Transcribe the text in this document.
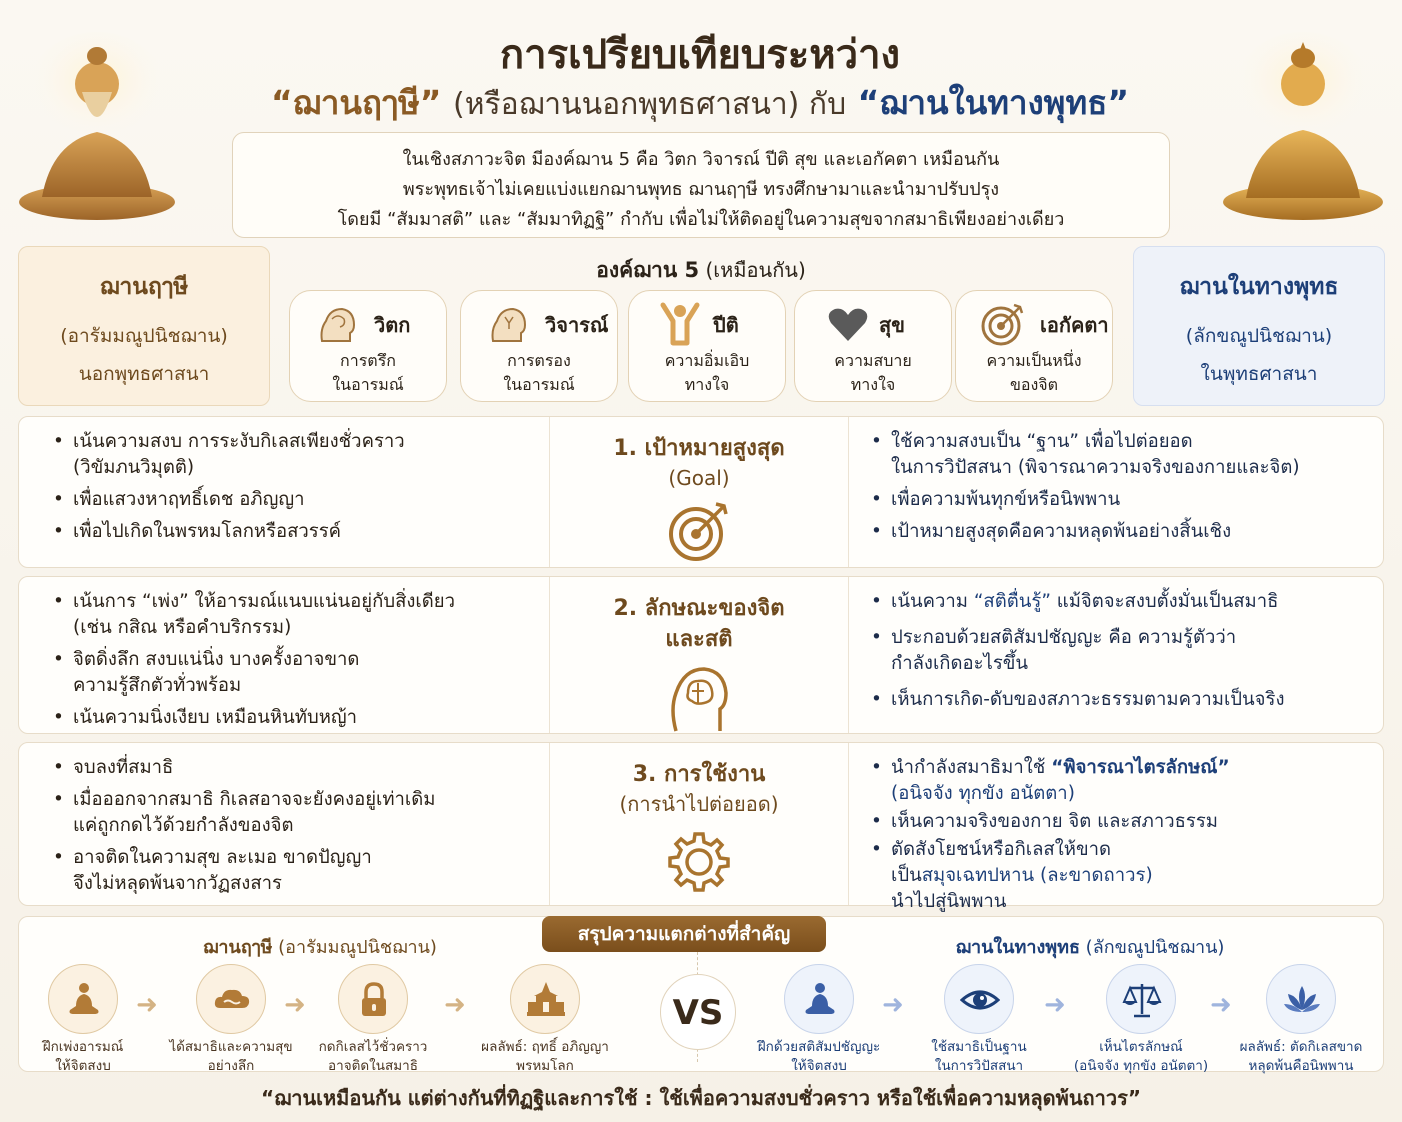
การเปรียบเทียบระหว่าง
“ฌานฤๅษี” (หรือฌานนอกพุทธศาสนา) กับ “ฌานในทางพุทธ”
ในเชิงสภาวะจิต มีองค์ฌาน 5 คือ วิตก วิจารณ์ ปีติ สุข และเอกัคตา เหมือนกัน
พระพุทธเจ้าไม่เคยแบ่งแยกฌานพุทธ ฌานฤๅษี ทรงศึกษามาและนำมาปรับปรุง
โดยมี “สัมมาสติ” และ “สัมมาทิฏฐิ” กำกับ เพื่อไม่ให้ติดอยู่ในความสุขจากสมาธิเพียงอย่างเดียว
ฌานฤๅษี
(อารัมมณูปนิชฌาน)
นอกพุทธศาสนา
ฌานในทางพุทธ
(ลักขณูปนิชฌาน)
ในพุทธศาสนา
องค์ฌาน 5 (เหมือนกัน)
วิตก
การตรึก
ในอารมณ์
วิจารณ์
การตรอง
ในอารมณ์
ปีติ
ความอิ่มเอิบ
ทางใจ
สุข
ความสบาย
ทางใจ
เอกัคตา
ความเป็นหนึ่ง
ของจิต
• เน้นความสงบ การระงับกิเลสเพียงชั่วคราว
(วิขัมภนวิมุตติ)
• เพื่อแสวงหาฤทธิ์เดช อภิญญา
• เพื่อไปเกิดในพรหมโลกหรือสวรรค์
1. เป้าหมายสูงสุด
(Goal)
• ใช้ความสงบเป็น “ฐาน” เพื่อไปต่อยอด
ในการวิปัสสนา (พิจารณาความจริงของกายและจิต)
• เพื่อความพ้นทุกข์หรือนิพพาน
• เป้าหมายสูงสุดคือความหลุดพ้นอย่างสิ้นเชิง
• เน้นการ “เพ่ง” ให้อารมณ์แนบแน่นอยู่กับสิ่งเดียว
(เช่น กสิณ หรือคำบริกรรม)
• จิตดิ่งลึก สงบแน่นิ่ง บางครั้งอาจขาด
ความรู้สึกตัวทั่วพร้อม
• เน้นความนิ่งเงียบ เหมือนหินทับหญ้า
2. ลักษณะของจิต
และสติ
• เน้นความ “สติตื่นรู้” แม้จิตจะสงบตั้งมั่นเป็นสมาธิ
• ประกอบด้วยสติสัมปชัญญะ คือ ความรู้ตัวว่า
กำลังเกิดอะไรขึ้น
• เห็นการเกิด-ดับของสภาวะธรรมตามความเป็นจริง
• จบลงที่สมาธิ
• เมื่อออกจากสมาธิ กิเลสอาจจะยังคงอยู่เท่าเดิม
แค่ถูกกดไว้ด้วยกำลังของจิต
• อาจติดในความสุข ละเมอ ขาดปัญญา
จึงไม่หลุดพ้นจากวัฏสงสาร
3. การใช้งาน
(การนำไปต่อยอด)
• นำกำลังสมาธิมาใช้ “พิจารณาไตรลักษณ์”
(อนิจจัง ทุกขัง อนัตตา)
• เห็นความจริงของกาย จิต และสภาวธรรม
• ตัดสังโยชน์หรือกิเลสให้ขาด
เป็นสมุจเฉทปหาน (ละขาดถาวร)
นำไปสู่นิพพาน
สรุปความแตกต่างที่สำคัญ
ฌานฤๅษี (อารัมมณูปนิชฌาน)	ฌานในทางพุทธ (ลักขณูปนิชฌาน)
ฝึกเพ่งอารมณ์
ให้จิตสงบ
➜
ได้สมาธิและความสุข
อย่างลึก
➜
กดกิเลสไว้ชั่วคราว
อาจติดในสมาธิ
➜
ผลลัพธ์: ฤทธิ์ อภิญญา
พรหมโลก
VS
ฝึกด้วยสติสัมปชัญญะ
ให้จิตสงบ
➜
ใช้สมาธิเป็นฐาน
ในการวิปัสสนา
➜
เห็นไตรลักษณ์
(อนิจจัง ทุกขัง อนัตตา)
➜
ผลลัพธ์: ตัดกิเลสขาด
หลุดพ้นคือนิพพาน
“ฌานเหมือนกัน แต่ต่างกันที่ทิฏฐิและการใช้ : ใช้เพื่อความสงบชั่วคราว หรือใช้เพื่อความหลุดพ้นถาวร”
